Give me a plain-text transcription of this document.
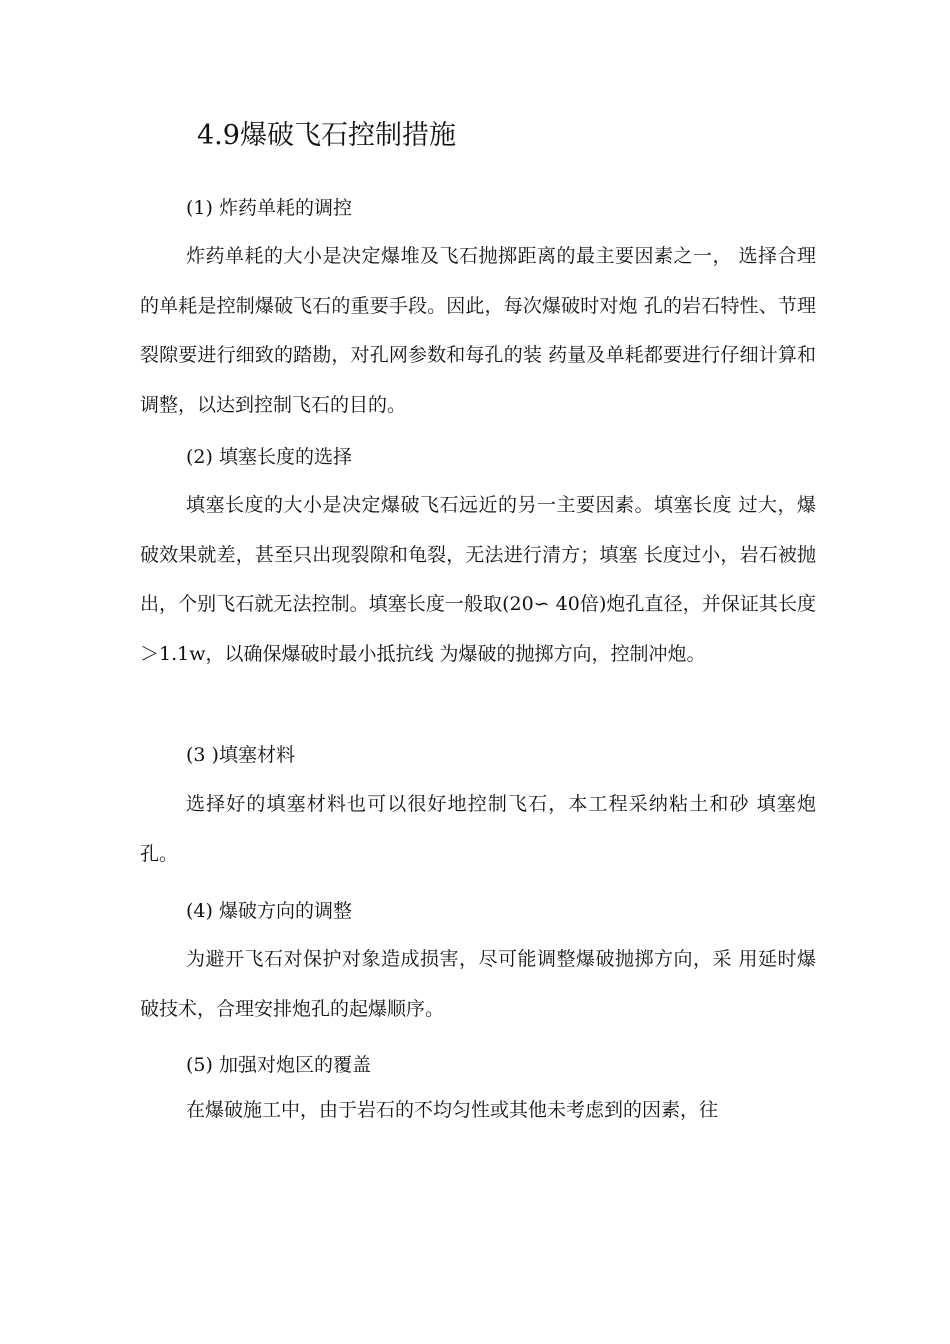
4.9爆破飞石控制措施
(1) 炸药单耗的调控

炸药单耗的大小是决定爆堆及飞石抛掷距离的最主要因素之一， 选择合理的单耗是控制爆破飞石的重要手段。因此，每次爆破时对炮 孔的岩石特性、节理裂隙要进行细致的踏勘，对孔网参数和每孔的装 药量及单耗都要进行仔细计算和调整，以达到控制飞石的目的。

(2) 填塞长度的选择

填塞长度的大小是决定爆破飞石远近的另一主要因素。填塞长度 过大，爆破效果就差，甚至只出现裂隙和龟裂，无法进行清方；填塞 长度过小，岩石被抛出，个别飞石就无法控制。填塞长度一般取(20∽ 40倍)炮孔直径，并保证其长度＞1.1w，以确保爆破时最小抵抗线 为爆破的抛掷方向，控制冲炮。

(3 )填塞材料

选择好的填塞材料也可以很好地控制飞石，本工程采纳粘土和砂 填塞炮孔。

(4) 爆破方向的调整

为避开飞石对保护对象造成损害，尽可能调整爆破抛掷方向，采 用延时爆破技术，合理安排炮孔的起爆顺序。

(5) 加强对炮区的覆盖

在爆破施工中，由于岩石的不均匀性或其他未考虑到的因素，往
